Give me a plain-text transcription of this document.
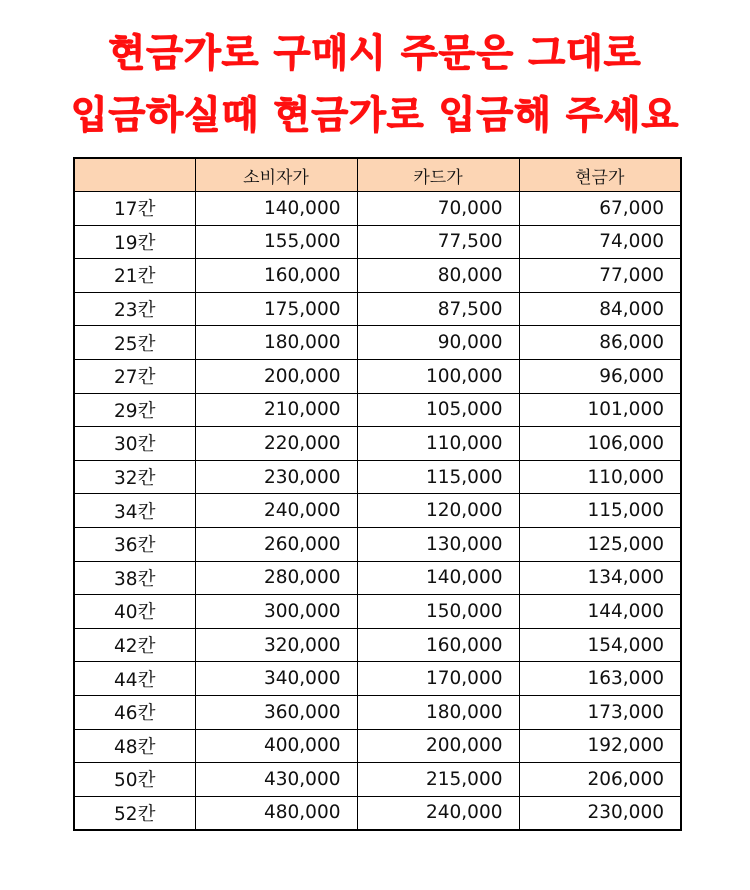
현금가로 구매시 주문은 그대로
입금하실때 현금가로 입금해 주세요
	소비자가	카드가	현금가
17칸	140,000	70,000	67,000
19칸	155,000	77,500	74,000
21칸	160,000	80,000	77,000
23칸	175,000	87,500	84,000
25칸	180,000	90,000	86,000
27칸	200,000	100,000	96,000
29칸	210,000	105,000	101,000
30칸	220,000	110,000	106,000
32칸	230,000	115,000	110,000
34칸	240,000	120,000	115,000
36칸	260,000	130,000	125,000
38칸	280,000	140,000	134,000
40칸	300,000	150,000	144,000
42칸	320,000	160,000	154,000
44칸	340,000	170,000	163,000
46칸	360,000	180,000	173,000
48칸	400,000	200,000	192,000
50칸	430,000	215,000	206,000
52칸	480,000	240,000	230,000
